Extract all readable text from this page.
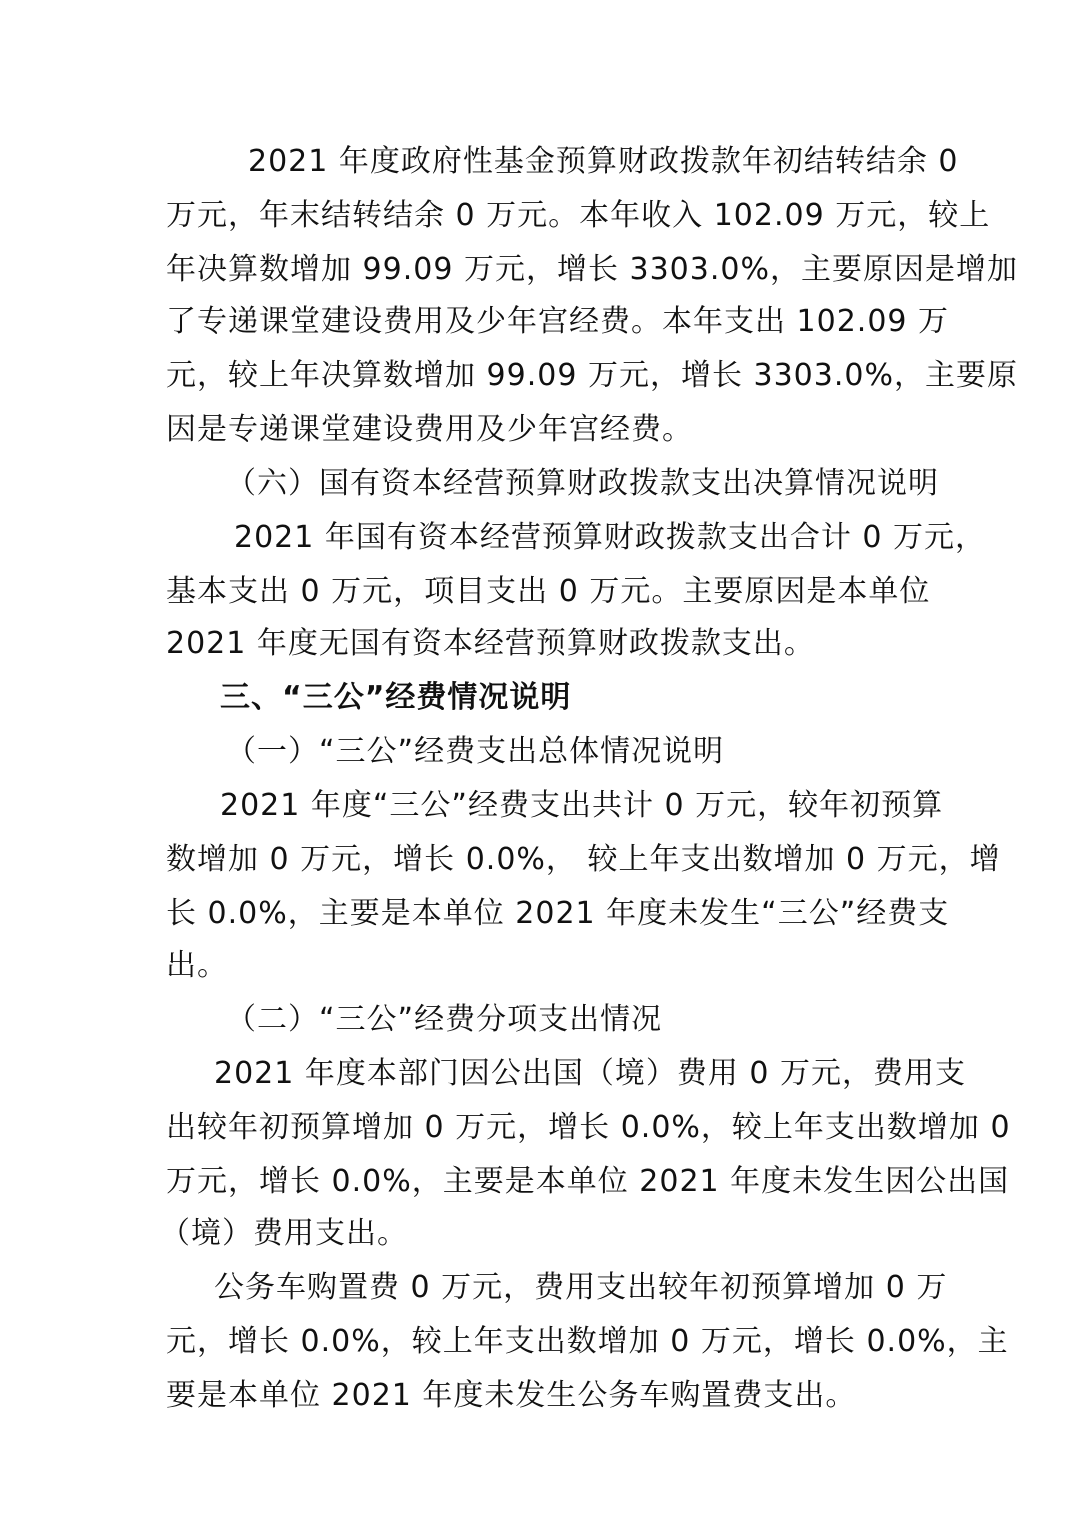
2021 年度政府性基金预算财政拨款年初结转结余 0
万元，年末结转结余 0 万元。本年收入 102.09 万元，较上
年决算数增加 99.09 万元，增长 3303.0%，主要原因是增加
了专递课堂建设费用及少年宫经费。本年支出 102.09 万
元，较上年决算数增加 99.09 万元，增长 3303.0%，主要原
因是专递课堂建设费用及少年宫经费。
（六）国有资本经营预算财政拨款支出决算情况说明
2021 年国有资本经营预算财政拨款支出合计 0 万元，
基本支出 0 万元，项目支出 0 万元。主要原因是本单位
2021 年度无国有资本经营预算财政拨款支出。
三、“三公”经费情况说明
（一）“三公”经费支出总体情况说明
2021 年度“三公”经费支出共计 0 万元，较年初预算
数增加 0 万元，增长 0.0%， 较上年支出数增加 0 万元，增
长 0.0%，主要是本单位 2021 年度未发生“三公”经费支
出。
（二）“三公”经费分项支出情况
2021 年度本部门因公出国（境）费用 0 万元，费用支
出较年初预算增加 0 万元，增长 0.0%，较上年支出数增加 0
万元，增长 0.0%，主要是本单位 2021 年度未发生因公出国
（境）费用支出。
公务车购置费 0 万元，费用支出较年初预算增加 0 万
元，增长 0.0%，较上年支出数增加 0 万元，增长 0.0%，主
要是本单位 2021 年度未发生公务车购置费支出。
